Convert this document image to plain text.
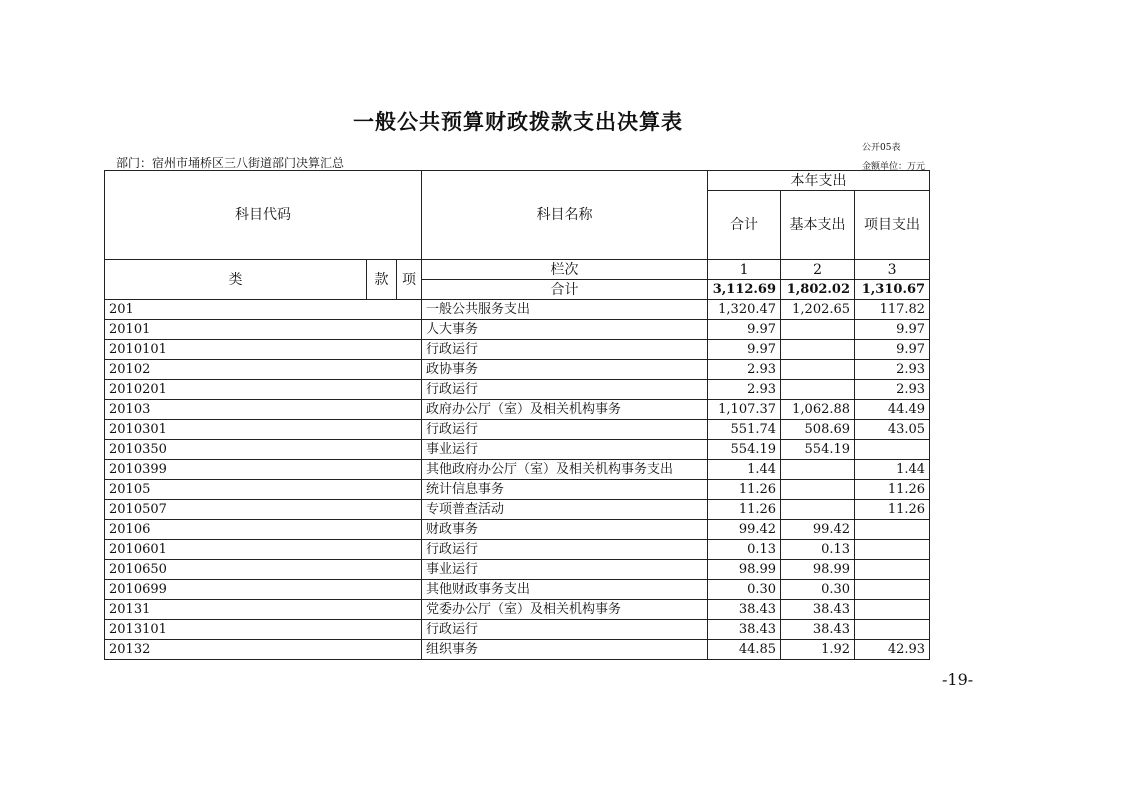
一般公共预算财政拨款支出决算表
公开05表
部门：宿州市埇桥区三八街道部门决算汇总	金额单位：万元
科目代码			科目名称	本年支出		
				合计	基本支出	项目支出

类	款	项	栏次	1	2	3
			合计	3,112.69	1,802.02	1,310.67
201			一般公共服务支出	1,320.47	1,202.65	117.82
20101			人大事务	9.97		9.97
2010101			行政运行	9.97		9.97
20102			政协事务	2.93		2.93
2010201			行政运行	2.93		2.93
20103			政府办公厅（室）及相关机构事务	1,107.37	1,062.88	44.49
2010301			行政运行	551.74	508.69	43.05
2010350			事业运行	554.19	554.19	
2010399			其他政府办公厅（室）及相关机构事务支出	1.44		1.44
20105			统计信息事务	11.26		11.26
2010507			专项普查活动	11.26		11.26
20106			财政事务	99.42	99.42	
2010601			行政运行	0.13	0.13	
2010650			事业运行	98.99	98.99	
2010699			其他财政事务支出	0.30	0.30	
20131			党委办公厅（室）及相关机构事务	38.43	38.43	
2013101			行政运行	38.43	38.43	
20132			组织事务	44.85	1.92	42.93
-19-
